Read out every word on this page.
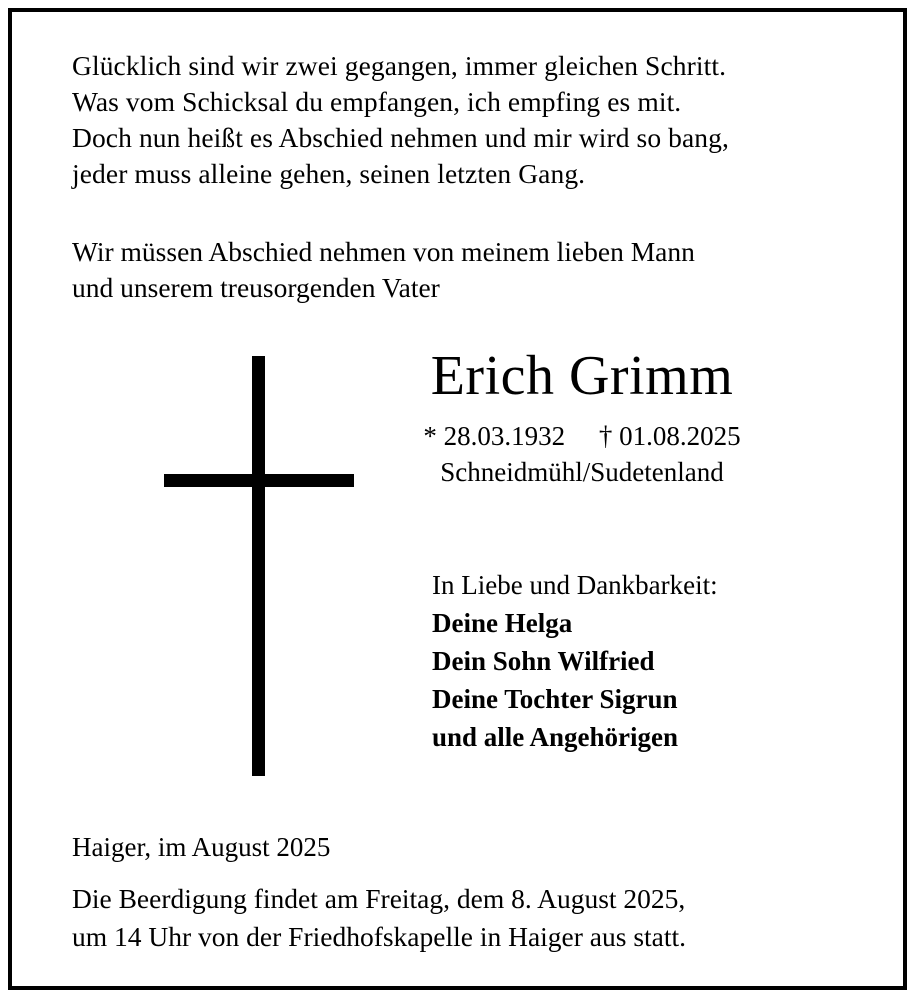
Glücklich sind wir zwei gegangen, immer gleichen Schritt.
Was vom Schicksal du empfangen, ich empfing es mit.
Doch nun heißt es Abschied nehmen und mir wird so bang,
jeder muss alleine gehen, seinen letzten Gang.
Wir müssen Abschied nehmen von meinem lieben Mann
und unserem treusorgenden Vater
Erich Grimm
* 28.03.1932     † 01.08.2025
Schneidmühl/Sudetenland
In Liebe und Dankbarkeit:
Deine Helga
Dein Sohn Wilfried
Deine Tochter Sigrun
und alle Angehörigen
Haiger, im August 2025
Die Beerdigung findet am Freitag, dem 8. August 2025,
um 14 Uhr von der Friedhofskapelle in Haiger aus statt.
